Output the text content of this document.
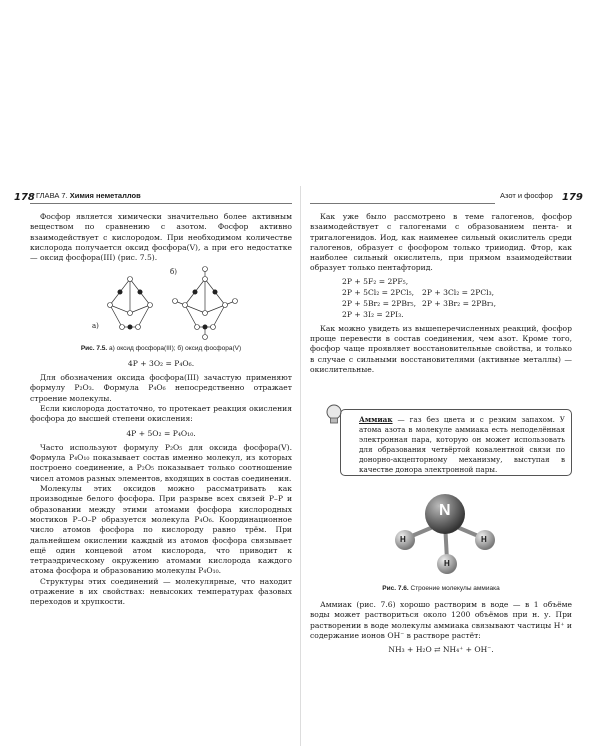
178 ГЛАВА 7. Химия неметаллов	Азот и фосфор 179

Фосфор является химически значительно более активным веществом по сравнению с азотом. Фосфор активно взаимодействует с кислородом. При необходимом количестве кислорода получается оксид фосфора(V), а при его недостатке — оксид фосфора(III) (рис. 7.5).

а)
б)
Рис. 7.5. а) оксид фосфора(III); б) оксид фосфора(V)
4P + 3O₂ = P₄O₆.

Для обозначения оксида фосфора(III) зачастую применяют формулу P₂O₃. Формула P₄O₆ непосредственно отражает строение молекулы.

Если кислорода достаточно, то протекает реакция окисления фосфора до высшей степени окисления:

4P + 5O₂ = P₄O₁₀.

Часто используют формулу P₂O₅ для оксида фосфора(V). Формула P₄O₁₀ показывает состав именно молекул, из которых построено соединение, а P₂O₅ показывает только соотношение чисел атомов разных элементов, входящих в состав соединения.

Молекулы этих оксидов можно рассматривать как производные белого фосфора. При разрыве всех связей P–P и образовании между этими атомами фосфора кислородных мостиков P–O–P образуется молекула P₄O₆. Координационное число атомов фосфора по кислороду равно трём. При дальнейшем окислении каждый из атомов фосфора связывает ещё один концевой атом кислорода, что приводит к тетраэдрическому окружению атомами кислорода каждого атома фосфора и образованию молекулы P₄O₁₀.

Структуры этих соединений — молекулярные, что находит отражение в их свойствах: невысоких температурах фазовых переходов и хрупкости.

Как уже было рассмотрено в теме галогенов, фосфор взаимодействует с галогенами с образованием пента- и тригалогенидов. Иод, как наименее сильный окислитель среди галогенов, образует с фосфором только трииодид. Фтор, как наиболее сильный окислитель, при прямом взаимодействии образует только пентафторид.

2P + 5F₂ = 2PF₅,
2P + 5Cl₂ = 2PCl₅,	2P + 3Cl₂ = 2PCl₃,
2P + 5Br₂ = 2PBr₅, 2P + 3Br₂ = 2PBr₃,
2P + 3I₂ = 2PI₃.

Как можно увидеть из вышеперечисленных реакций, фосфор проще перевести в состав соединения, чем азот. Кроме того, фосфор чаще проявляет восстановительные свойства, и только в случае с сильными восстановителями (активные металлы) — окислительные.

Аммиак — газ без цвета и с резким запахом. У атома азота в молекуле аммиака есть неподелённая электронная пара, которую он может использовать для образования четвёртой ковалентной связи по донорно-акцепторному механизму, выступая в качестве донора электронной пары.
N
H	H
H
Рис. 7.6. Строение молекулы аммиака

Аммиак (рис. 7.6) хорошо растворим в воде — в 1 объёме воды может раствориться около 1200 объёмов при н. у. При растворении в воде молекулы аммиака связывают частицы H⁺ и содержание ионов OH⁻ в растворе растёт:

NH₃ + H₂O ⇄ NH₄⁺ + OH⁻.
